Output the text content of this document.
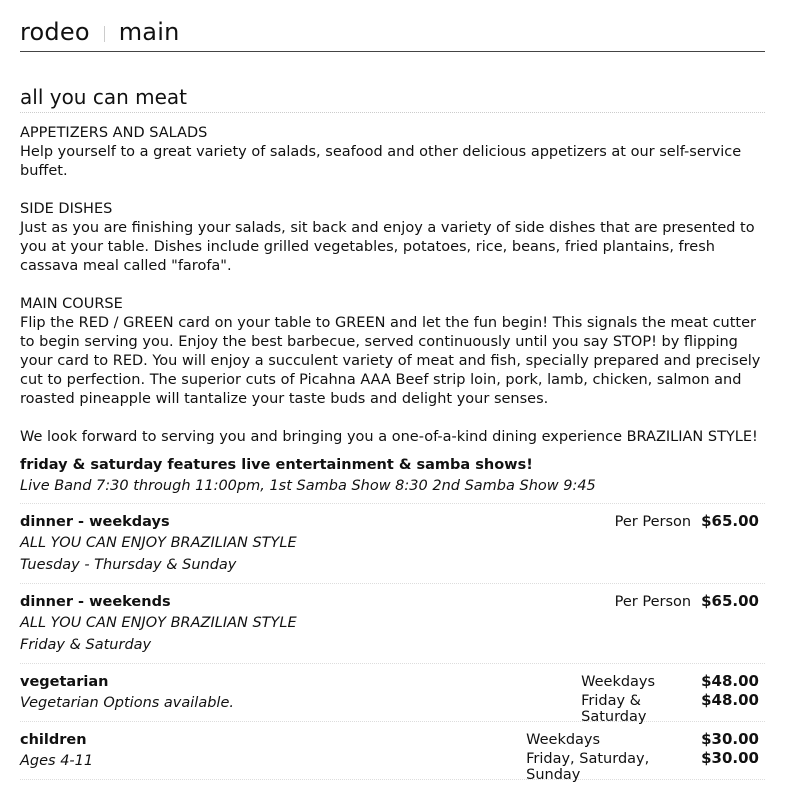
rodeo main
all you can meat

APPETIZERS AND SALADS
Help yourself to a great variety of salads, seafood and other delicious appetizers at our self-service buffet.

SIDE DISHES
Just as you are finishing your salads, sit back and enjoy a variety of side dishes that are presented to you at your table. Dishes include grilled vegetables, potatoes, rice, beans, fried plantains, fresh cassava meal called "farofa".

MAIN COURSE
Flip the RED / GREEN card on your table to GREEN and let the fun begin! This signals the meat cutter to begin serving you. Enjoy the best barbecue, served continuously until you say STOP! by flipping your card to RED. You will enjoy a succulent variety of meat and fish, specially prepared and precisely cut to perfection. The superior cuts of Picahna AAA Beef strip loin, pork, lamb, chicken, salmon and roasted pineapple will tantalize your taste buds and delight your senses.

We look forward to serving you and bringing you a one-of-a-kind dining experience BRAZILIAN STYLE!

friday & saturday features live entertainment & samba shows!
Live Band 7:30 through 11:00pm, 1st Samba Show 8:30 2nd Samba Show 9:45
dinner - weekdays
ALL YOU CAN ENJOY BRAZILIAN STYLE
Tuesday - Thursday & Sunday
Per Person $65.00
dinner - weekends
ALL YOU CAN ENJOY BRAZILIAN STYLE
Friday & Saturday
Per Person $65.00
vegetarian
Vegetarian Options available.
Weekdays	$48.00
Friday & Saturday
$48.00
children
Ages 4-11
Weekdays	$30.00
Friday, Saturday, Sunday
$30.00
